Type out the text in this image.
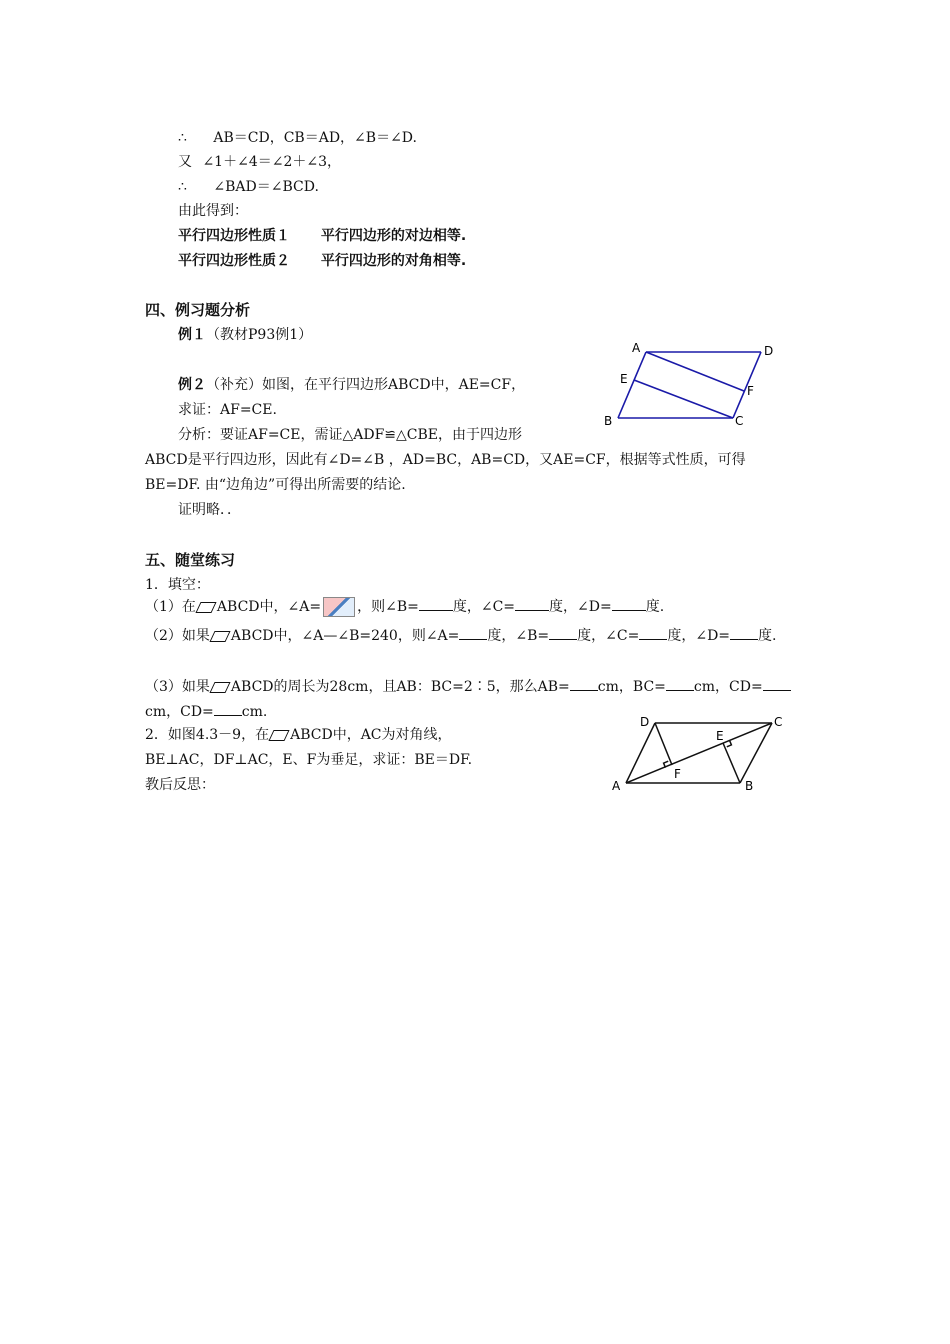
∴ AB＝CD，CB＝AD，∠B＝∠D.
又 ∠1＋∠4＝∠2＋∠3，
∴ ∠BAD＝∠BCD.
由此得到：
平行四边形性质１ 平行四边形的对边相等.
平行四边形性质２ 平行四边形的对角相等.
四、例习题分析
例１（教材P93例1）
例２（补充）如图，在平行四边形ABCD中，AE=CF，
求证：AF=CE.
分析：要证AF=CE，需证△ADF≌△CBE，由于四边形
ABCD是平行四边形，因此有∠D=∠B ，AD=BC，AB=CD，又AE=CF，根据等式性质，可得
BE=DF. 由“边角边”可得出所需要的结论.
证明略．．
A	D
E
F
B	C
五、随堂练习
1．填空：
（1）在 ABCD中，∠A=	，则∠B= 度，∠C= 度，∠D= 度.
（2）如果 ABCD中，∠A—∠B=240，则∠A= 度，∠B= 度，∠C= 度，∠D= 度.
（3）如果 ABCD的周长为28cm，且AB：BC=2∶5，那么AB= cm，BC= cm，CD=
cm，CD= cm.
2．如图4.3－9，在 ABCD中，AC为对角线，
BE⊥AC，DF⊥AC，E、F为垂足，求证：BE＝DF.
教后反思：
D	C
E
F
A	B
